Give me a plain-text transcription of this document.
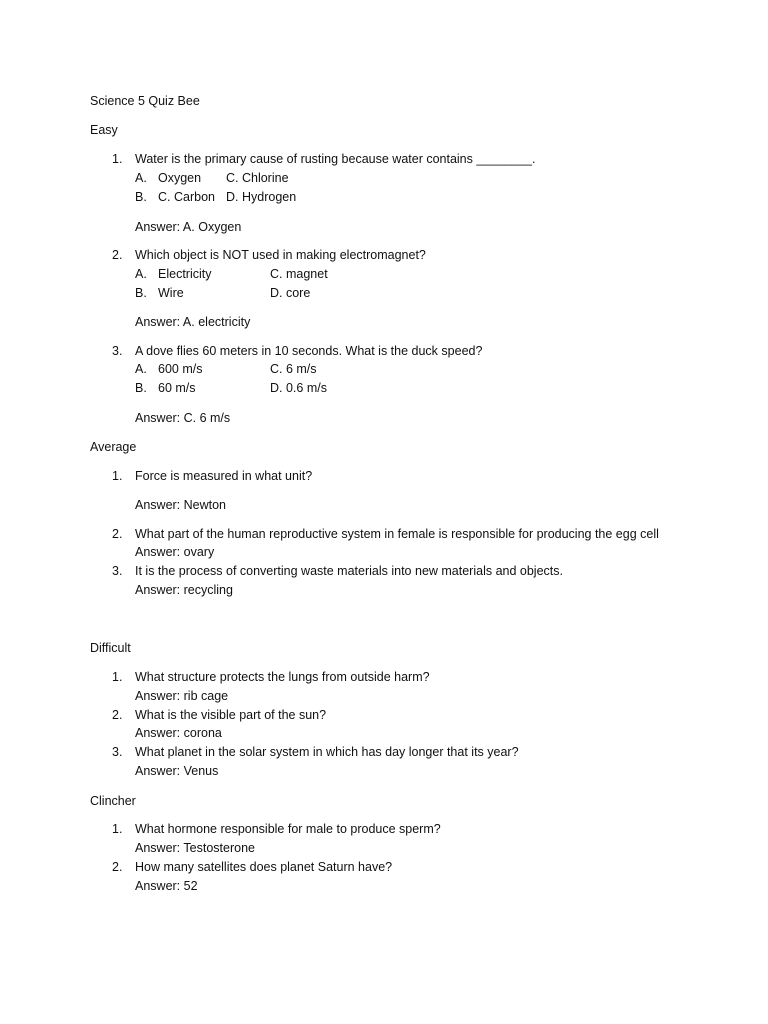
Science 5 Quiz Bee
Easy
1. Water is the primary cause of rusting because water contains ________.
A. Oxygen C. Chlorine
B. C. Carbon D. Hydrogen
Answer: A. Oxygen
2. Which object is NOT used in making electromagnet?
A. Electricity	C. magnet
B. Wire	D. core
Answer: A. electricity
3. A dove flies 60 meters in 10 seconds. What is the duck speed?
A. 600 m/s	C. 6 m/s
B. 60 m/s	D. 0.6 m/s
Answer: C. 6 m/s
Average
1. Force is measured in what unit?
Answer: Newton
2. What part of the human reproductive system in female is responsible for producing the egg cell
Answer: ovary
3. It is the process of converting waste materials into new materials and objects.
Answer: recycling
Difficult
1. What structure protects the lungs from outside harm?
Answer: rib cage
2. What is the visible part of the sun?
Answer: corona
3. What planet in the solar system in which has day longer that its year?
Answer: Venus
Clincher
1. What hormone responsible for male to produce sperm?
Answer: Testosterone
2. How many satellites does planet Saturn have?
Answer: 52
